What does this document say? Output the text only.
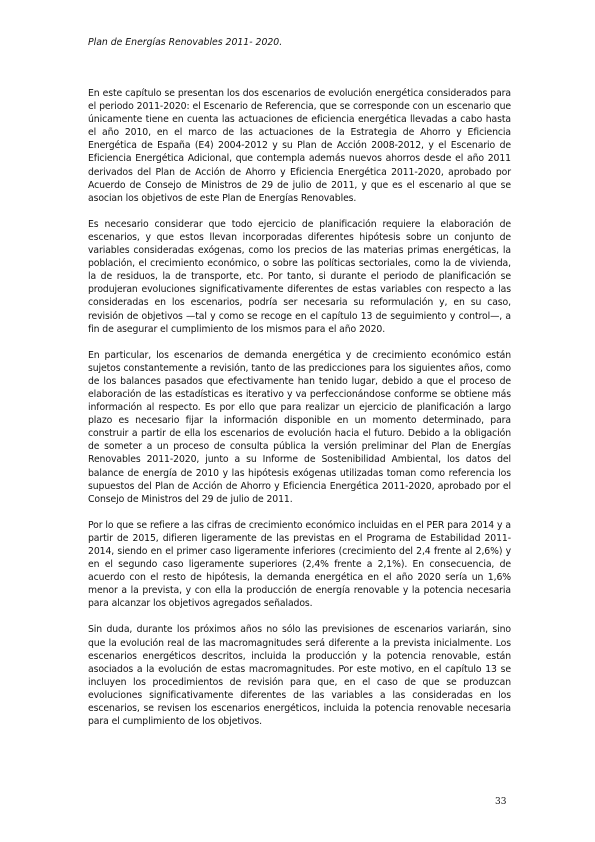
Plan de Energías Renovables 2011- 2020.

En este capítulo se presentan los dos escenarios de evolución energética considerados para el periodo 2011-2020: el Escenario de Referencia, que se corresponde con un escenario que únicamente tiene en cuenta las actuaciones de eficiencia energética llevadas a cabo hasta el año 2010, en el marco de las actuaciones de la Estrategia de Ahorro y Eficiencia Energética de España (E4) 2004-2012 y su Plan de Acción 2008-2012, y el Escenario de Eficiencia Energética Adicional, que contempla además nuevos ahorros desde el año 2011 derivados del Plan de Acción de Ahorro y Eficiencia Energética 2011-2020, aprobado por Acuerdo de Consejo de Ministros de 29 de julio de 2011, y que es el escenario al que se asocian los objetivos de este Plan de Energías Renovables.

Es necesario considerar que todo ejercicio de planificación requiere la elaboración de escenarios, y que estos llevan incorporadas diferentes hipótesis sobre un conjunto de variables consideradas exógenas, como los precios de las materias primas energéticas, la población, el crecimiento económico, o sobre las políticas sectoriales, como la de vivienda, la de residuos, la de transporte, etc. Por tanto, si durante el periodo de planificación se produjeran evoluciones significativamente diferentes de estas variables con respecto a las consideradas en los escenarios, podría ser necesaria su reformulación y, en su caso, revisión de objetivos —tal y como se recoge en el capítulo 13 de seguimiento y control—, a fin de asegurar el cumplimiento de los mismos para el año 2020.

En particular, los escenarios de demanda energética y de crecimiento económico están sujetos constantemente a revisión, tanto de las predicciones para los siguientes años, como de los balances pasados que efectivamente han tenido lugar, debido a que el proceso de elaboración de las estadísticas es iterativo y va perfeccionándose conforme se obtiene más información al respecto. Es por ello que para realizar un ejercicio de planificación a largo plazo es necesario fijar la información disponible en un momento determinado, para construir a partir de ella los escenarios de evolución hacia el futuro. Debido a la obligación de someter a un proceso de consulta pública la versión preliminar del Plan de Energías Renovables 2011-2020, junto a su Informe de Sostenibilidad Ambiental, los datos del balance de energía de 2010 y las hipótesis exógenas utilizadas toman como referencia los supuestos del Plan de Acción de Ahorro y Eficiencia Energética 2011-2020, aprobado por el Consejo de Ministros del 29 de julio de 2011.

Por lo que se refiere a las cifras de crecimiento económico incluidas en el PER para 2014 y a partir de 2015, difieren ligeramente de las previstas en el Programa de Estabilidad 2011-2014, siendo en el primer caso ligeramente inferiores (crecimiento del 2,4 frente al 2,6%) y en el segundo caso ligeramente superiores (2,4% frente a 2,1%). En consecuencia, de acuerdo con el resto de hipótesis, la demanda energética en el año 2020 sería un 1,6% menor a la prevista, y con ella la producción de energía renovable y la potencia necesaria para alcanzar los objetivos agregados señalados.

Sin duda, durante los próximos años no sólo las previsiones de escenarios variarán, sino que la evolución real de las macromagnitudes será diferente a la prevista inicialmente. Los escenarios energéticos descritos, incluida la producción y la potencia renovable, están asociados a la evolución de estas macromagnitudes. Por este motivo, en el capítulo 13 se incluyen los procedimientos de revisión para que, en el caso de que se produzcan evoluciones significativamente diferentes de las variables a las consideradas en los escenarios, se revisen los escenarios energéticos, incluida la potencia renovable necesaria para el cumplimiento de los objetivos.

33
